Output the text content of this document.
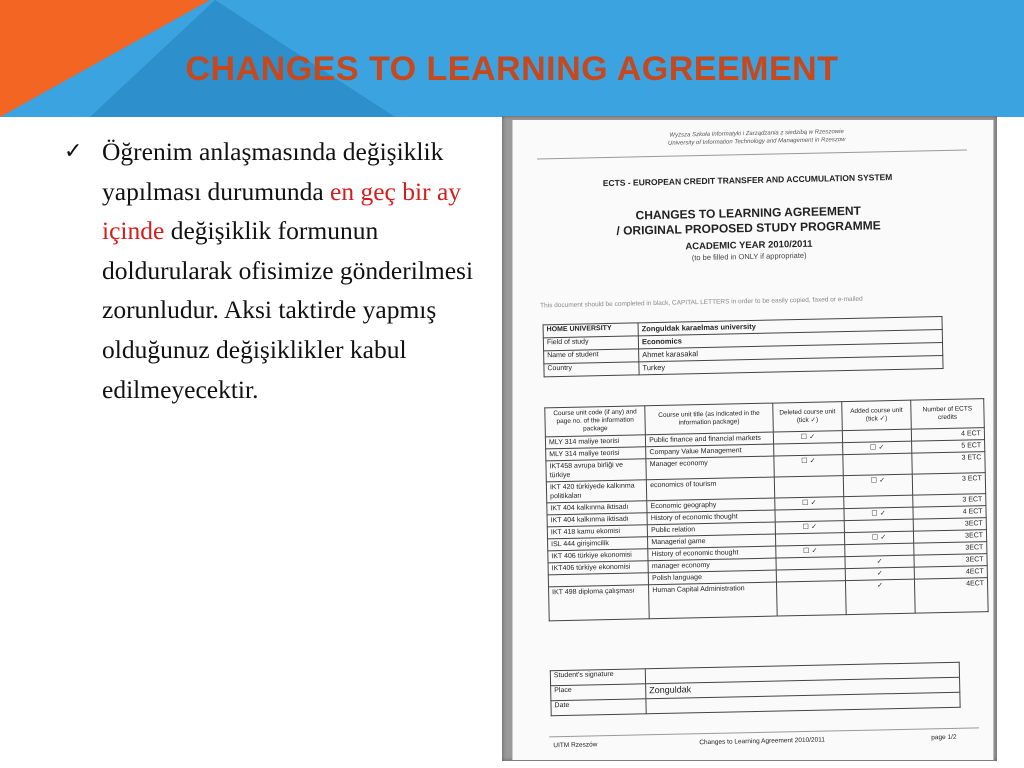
CHANGES TO LEARNING AGREEMENT
✓ Öğrenim anlaşmasında değişiklik yapılması durumunda en geç bir ay içinde değişiklik formunun doldurularak ofisimize gönderilmesi zorunludur. Aksi taktirde yapmış olduğunuz değişiklikler kabul edilmeyecektir.
Wyższa Szkoła Informatyki i Zarządzania z siedzibą w Rzeszowie
University of Information Technology and Management in Rzeszow
ECTS - EUROPEAN CREDIT TRANSFER AND ACCUMULATION SYSTEM
CHANGES TO LEARNING AGREEMENT
/ ORIGINAL PROPOSED STUDY PROGRAMME
ACADEMIC YEAR 2010/2011
(to be filled in ONLY if appropriate)
This document should be completed in black, CAPITAL LETTERS in order to be easily copied, faxed or e-mailed
HOME UNIVERSITY	Zonguldak karaelmas university
Field of study	Economics
Name of student	Ahmet karasakal
Country	Turkey
Course unit code (if any) and page no. of the information package	Course unit title (as indicated in the information package)	Deleted course unit (tick ✓)	Added course unit (tick ✓)	Number of ECTS credits
MLY 314 maliye teorisi	Public finance and financial markets	☐ ✓		4 ECT
MLY 314 maliye teorisi	Company Value Management		☐ ✓	5 ECT
IKT458 avrupa birliği ve türkiye	Manager economy	☐ ✓		3 ETC
IKT 420 türkiyede kalkınma politikaları	economics of tourism		☐ ✓	3 ECT
IKT 404 kalkınma iktisadı	Economic geography	☐ ✓		3 ECT
IKT 404 kalkınma iktisadı	History of economic thought		☐ ✓	4 ECT
IKT 418 kamu ekomisi	Public relation	☐ ✓		3ECT
ISL 444 girişimcilik	Managerial game		☐ ✓	3ECT
IKT 406 türkiye ekonomisi	History of economic thought	☐ ✓		3ECT
IKT406 türkiye ekonomisi	manager economy		✓	3ECT
	Polish language		✓	4ECT
IKT 498 diploma çalışması	Human Capital Administration		✓	4ECT
Student's signature	
Place	Zonguldak
Date	
UITM Rzeszów	Changes to Learning Agreement 2010/2011	page 1/2
